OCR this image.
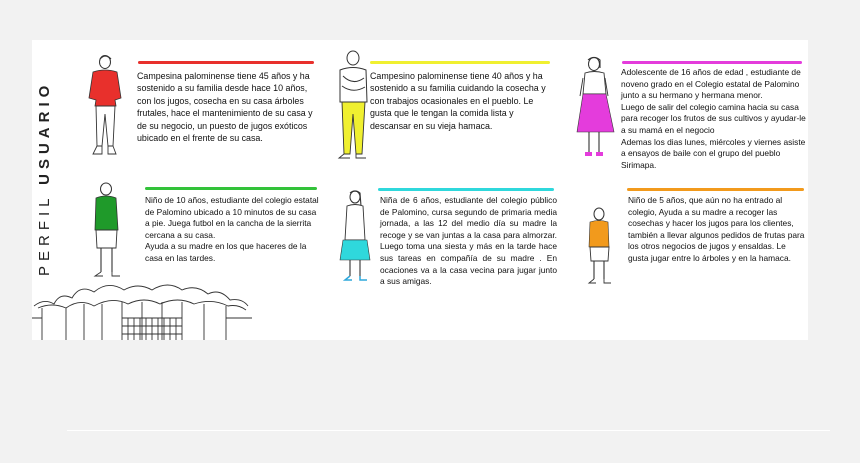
PERFIL USUARIO
Campesina palominense tiene 45 años y ha sostenido a su familia desde hace 10 años, con los jugos, cosecha en su casa árboles frutales, hace el mantenimiento de su casa y de su negocio, un puesto de jugos exóticos ubicado en el frente de su casa.
Campesino palominense tiene 40 años y ha sostenido a su familia cuidando la cosecha y con trabajos ocasionales en el pueblo. Le gusta que le tengan la comida lista y descansar en su vieja hamaca.

Adolescente de 16 años de edad , estudiante de noveno grado en el Colegio estatal de Palomino junto a su hermano y hermana menor.

Luego de salir del colegio camina hacia su casa para recoger los frutos de sus cultivos y ayudar-le a su mamá en el negocio

Ademas los dias lunes, miércoles y viernes asiste a ensayos de baile con el grupo del pueblo Sirimapa.

Niño de 10 años, estudiante del colegio estatal de Palomino ubicado a 10 minutos de su casa a pie. Juega futbol en la cancha de la sierrita cercana a su casa.

Ayuda a su madre en los que haceres de la casa en las tardes.

Niña de 6 años, estudiante del colegio público de Palomino, cursa segundo de primaria media jornada, a las 12 del medio día su madre la recoge y se van juntas a la casa para almorzar. Luego toma una siesta y más en la tarde hace sus tareas en compañía de su madre . En ocaciones va a la casa vecina para jugar junto a sus amigas.
Niño de 5 años, que aún no ha entrado al colegio, Ayuda a su madre a recoger las cosechas y hacer los jugos para los clientes, también a llevar algunos pedidos de frutas para los otros negocios de jugos y ensaldas. Le gusta jugar entre lo árboles y en la hamaca.
